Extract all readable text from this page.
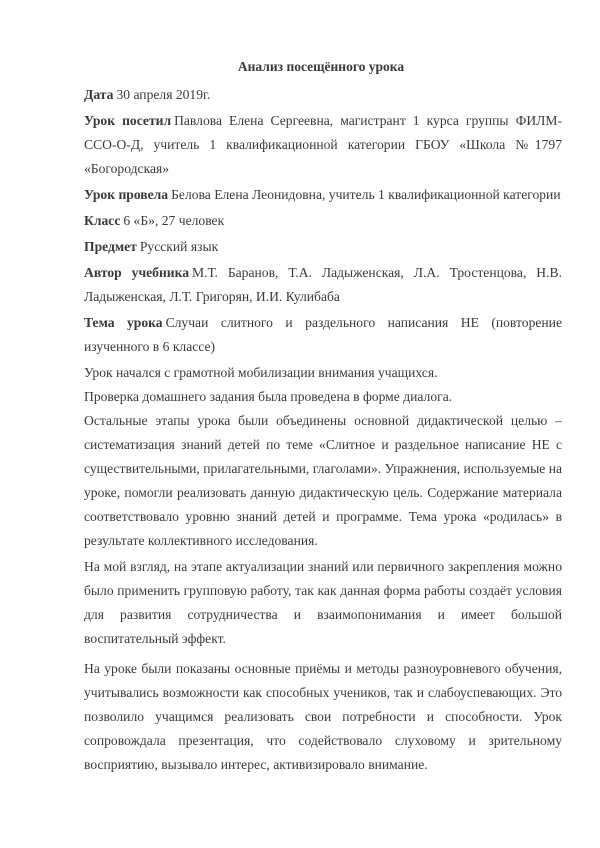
Анализ посещённого урока
Дата 30 апреля 2019г.
Урок посетил Павлова Елена Сергеевна, магистрант 1 курса группы ФИЛМ-ССО-О-Д, учитель 1 квалификационной категории ГБОУ «Школа №1797 «Богородская»
Урок провела Белова Елена Леонидовна, учитель 1 квалификационной категории
Класс 6 «Б», 27 человек
Предмет Русский язык
Автор учебника М.Т. Баранов, Т.А. Ладыженская, Л.А. Тростенцова, Н.В. Ладыженская, Л.Т. Григорян, И.И. Кулибаба
Тема урока Случаи слитного и раздельного написания НЕ (повторение изученного в 6 классе)
Урок начался с грамотной мобилизации внимания учащихся.
Проверка домашнего задания была проведена в форме диалога.
Остальные этапы урока были объединены основной дидактической целью – систематизация знаний детей по теме «Слитное и раздельное написание НЕ с существительными, прилагательными, глаголами». Упражнения, используемые на уроке, помогли реализовать данную дидактическую цель. Содержание материала соответствовало уровню знаний детей и программе. Тема урока «родилась» в результате коллективного исследования.
На мой взгляд, на этапе актуализации знаний или первичного закрепления можно было применить групповую работу, так как данная форма работы создаёт условия для развития сотрудничества и взаимопонимания и имеет большой воспитательный эффект.
На уроке были показаны основные приёмы и методы разноуровневого обучения, учитывались возможности как способных учеников, так и слабоуспевающих. Это позволило учащимся реализовать свои потребности и способности. Урок сопровождала презентация, что содействовало слуховому и зрительному восприятию, вызывало интерес, активизировало внимание.
